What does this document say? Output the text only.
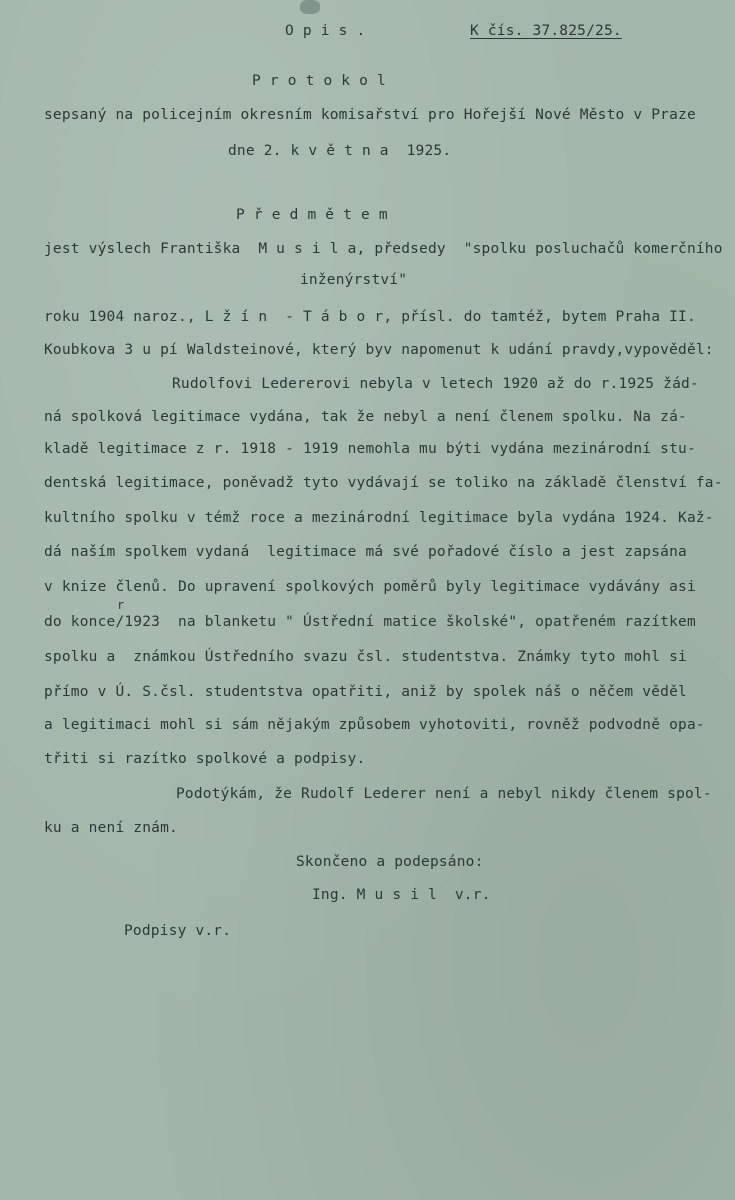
O p i s .	K čís. 37.825/25.
P r o t o k o l
sepsaný na policejním okresním komisařství pro Hořejší Nové Město v Praze
dne 2. k v ě t n a  1925.
P ř e d m ě t e m
jest výslech Františka  M u s i l a, předsedy  "spolku posluchačů komerčního
inženýrství"
roku 1904 naroz., L ž í n  - T á b o r, přísl. do tamtéž, bytem Praha II.
Koubkova 3 u pí Waldsteinové, který byv napomenut k udání pravdy,vypověděl:
Rudolfovi Ledererovi nebyla v letech 1920 až do r.1925 žád-
ná spolková legitimace vydána, tak že nebyl a není členem spolku. Na zá-
kladě legitimace z r. 1918 - 1919 nemohla mu býti vydána mezinárodní stu-
dentská legitimace, poněvadž tyto vydávají se toliko na základě členství fa-
kultního spolku v témž roce a mezinárodní legitimace byla vydána 1924. Kaž-
dá naším spolkem vydaná  legitimace má své pořadové číslo a jest zapsána
v knize členů. Do upravení spolkových poměrů byly legitimace vydávány asi
r
do konce/1923  na blanketu " Ústřední matice školské", opatřeném razítkem
spolku a  známkou Ústředního svazu čsl. studentstva. Známky tyto mohl si
přímo v Ú. S.čsl. studentstva opatřiti, aniž by spolek náš o něčem věděl
a legitimaci mohl si sám nějakým způsobem vyhotoviti, rovněž podvodně opa-
třiti si razítko spolkové a podpisy.
Podotýkám, že Rudolf Lederer není a nebyl nikdy členem spol-
ku a není znám.
Skončeno a podepsáno:
Ing. M u s i l  v.r.
Podpisy v.r.
